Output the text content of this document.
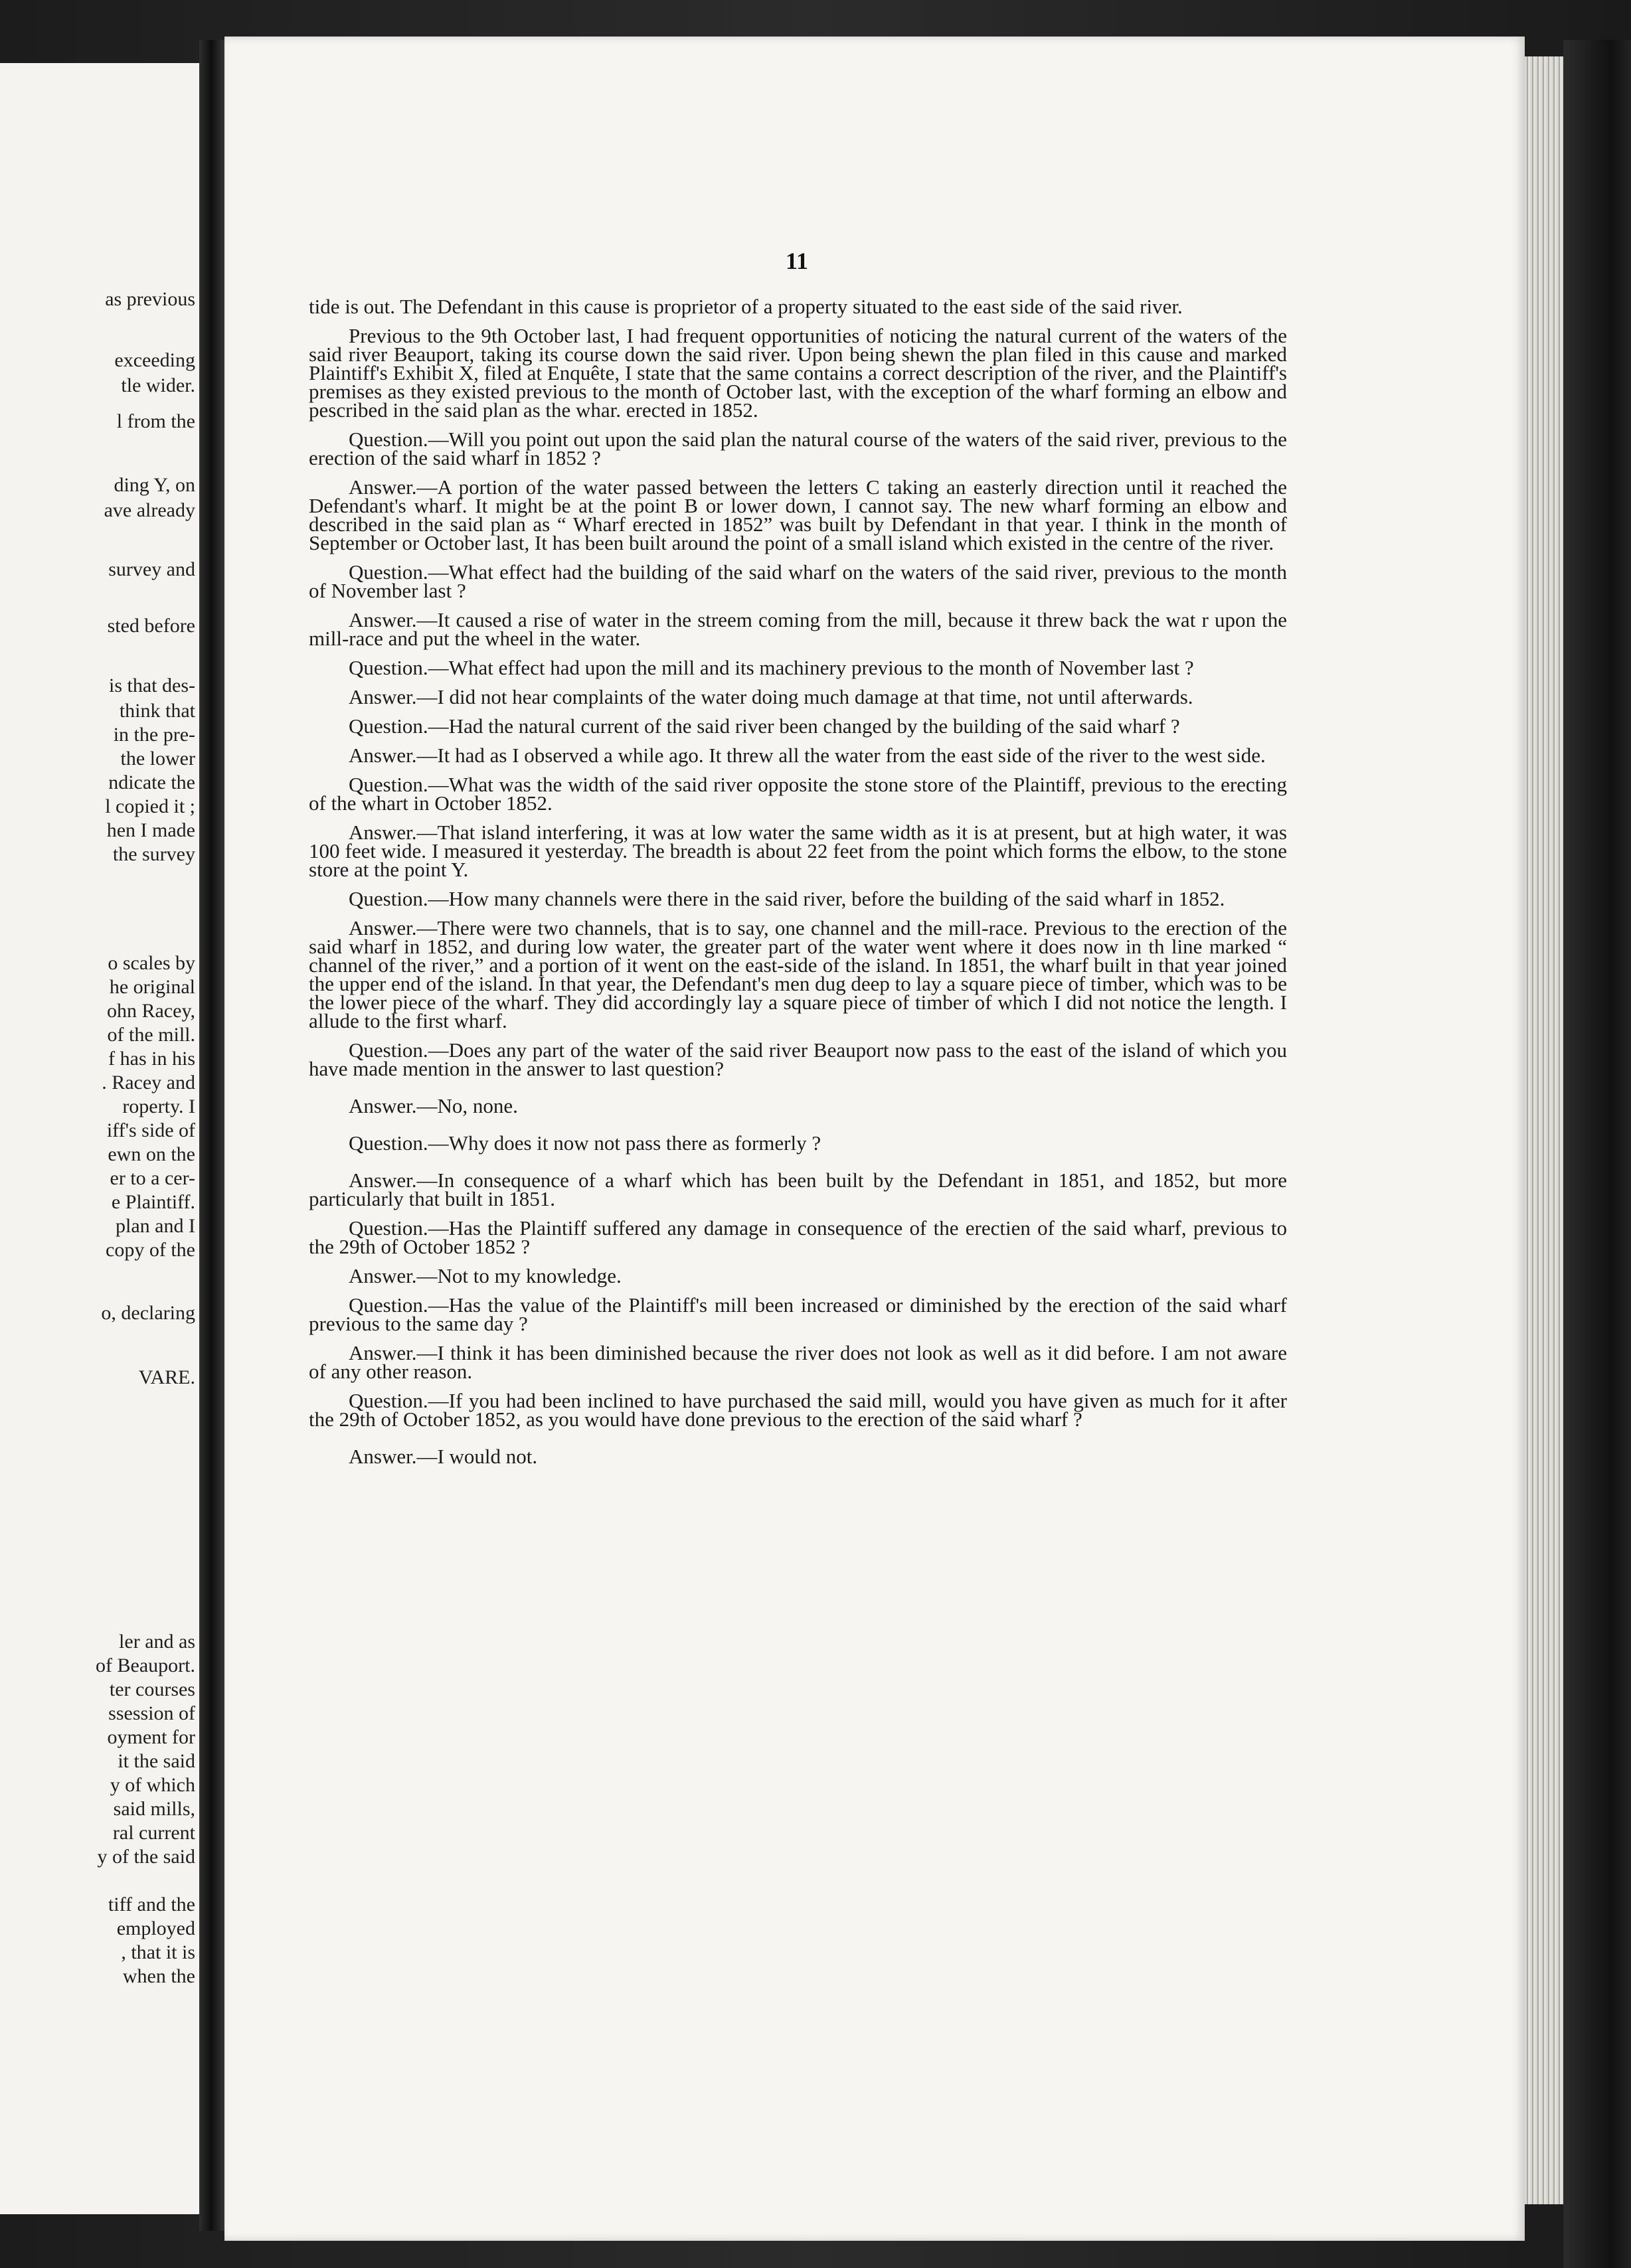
as previous
exceeding
tle wider.
l from the
ding Y, on
ave already
survey and
sted before
is that des-
think that
in the pre-
the lower
ndicate the
l copied it ;
hen I made
the survey
o scales by
he original
ohn Racey,
of the mill.
f has in his
. Racey and
roperty. I
iff's side of
ewn on the
er to a cer-
e Plaintiff.
plan and I
copy of the
o, declaring
VARE.
ler and as
of Beauport.
ter courses
ssession of
oyment for
it the said
y of which
said mills,
ral current
y of the said
tiff and the
employed
, that it is
when the
11

tide is out. The Defendant in this cause is proprietor of a property situated to the east side of the said river.

Previous to the 9th October last, I had frequent opportunities of noticing the natural current of the waters of the said river Beauport, taking its course down the said river. Upon being shewn the plan filed in this cause and marked Plaintiff's Exhibit X, filed at Enquête, I state that the same contains a correct description of the river, and the Plaintiff's premises as they existed previous to the month of October last, with the exception of the wharf forming an elbow and pescribed in the said plan as the whar. erected in 1852.

Question.—Will you point out upon the said plan the natural course of the waters of the said river, previous to the erection of the said wharf in 1852 ?

Answer.—A portion of the water passed between the letters C taking an easterly direction until it reached the Defendant's wharf. It might be at the point B or lower down, I cannot say. The new wharf forming an elbow and described in the said plan as “ Wharf erected in 1852” was built by Defendant in that year. I think in the month of September or October last, It has been built around the point of a small island which existed in the centre of the river.

Question.—What effect had the building of the said wharf on the waters of the said river, previous to the month of November last ?

Answer.—It caused a rise of water in the streem coming from the mill, because it threw back the wat r upon the mill-race and put the wheel in the water.

Question.—What effect had upon the mill and its machinery previous to the month of November last ?

Answer.—I did not hear complaints of the water doing much damage at that time, not until afterwards.

Question.—Had the natural current of the said river been changed by the building of the said wharf ?

Answer.—It had as I observed a while ago. It threw all the water from the east side of the river to the west side.

Question.—What was the width of the said river opposite the stone store of the Plaintiff, previous to the erecting of the whart in October 1852.

Answer.—That island interfering, it was at low water the same width as it is at present, but at high water, it was 100 feet wide. I measured it yesterday. The breadth is about 22 feet from the point which forms the elbow, to the stone store at the point Y.

Question.—How many channels were there in the said river, before the building of the said wharf in 1852.

Answer.—There were two channels, that is to say, one channel and the mill-race. Previous to the erection of the said wharf in 1852, and during low water, the greater part of the water went where it does now in th line marked “ channel of the river,” and a portion of it went on the east-side of the island. In 1851, the wharf built in that year joined the upper end of the island. In that year, the Defendant's men dug deep to lay a square piece of timber, which was to be the lower piece of the wharf. They did accordingly lay a square piece of timber of which I did not notice the length. I allude to the first wharf.

Question.—Does any part of the water of the said river Beauport now pass to the east of the island of which you have made mention in the answer to last question?

Answer.—No, none.

Question.—Why does it now not pass there as formerly ?

Answer.—In consequence of a wharf which has been built by the Defendant in 1851, and 1852, but more particularly that built in 1851.

Question.—Has the Plaintiff suffered any damage in consequence of the erectien of the said wharf, previous to the 29th of October 1852 ?

Answer.—Not to my knowledge.

Question.—Has the value of the Plaintiff's mill been increased or diminished by the erection of the said wharf previous to the same day ?

Answer.—I think it has been diminished because the river does not look as well as it did before. I am not aware of any other reason.

Question.—If you had been inclined to have purchased the said mill, would you have given as much for it after the 29th of October 1852, as you would have done previous to the erection of the said wharf ?

Answer.—I would not.
